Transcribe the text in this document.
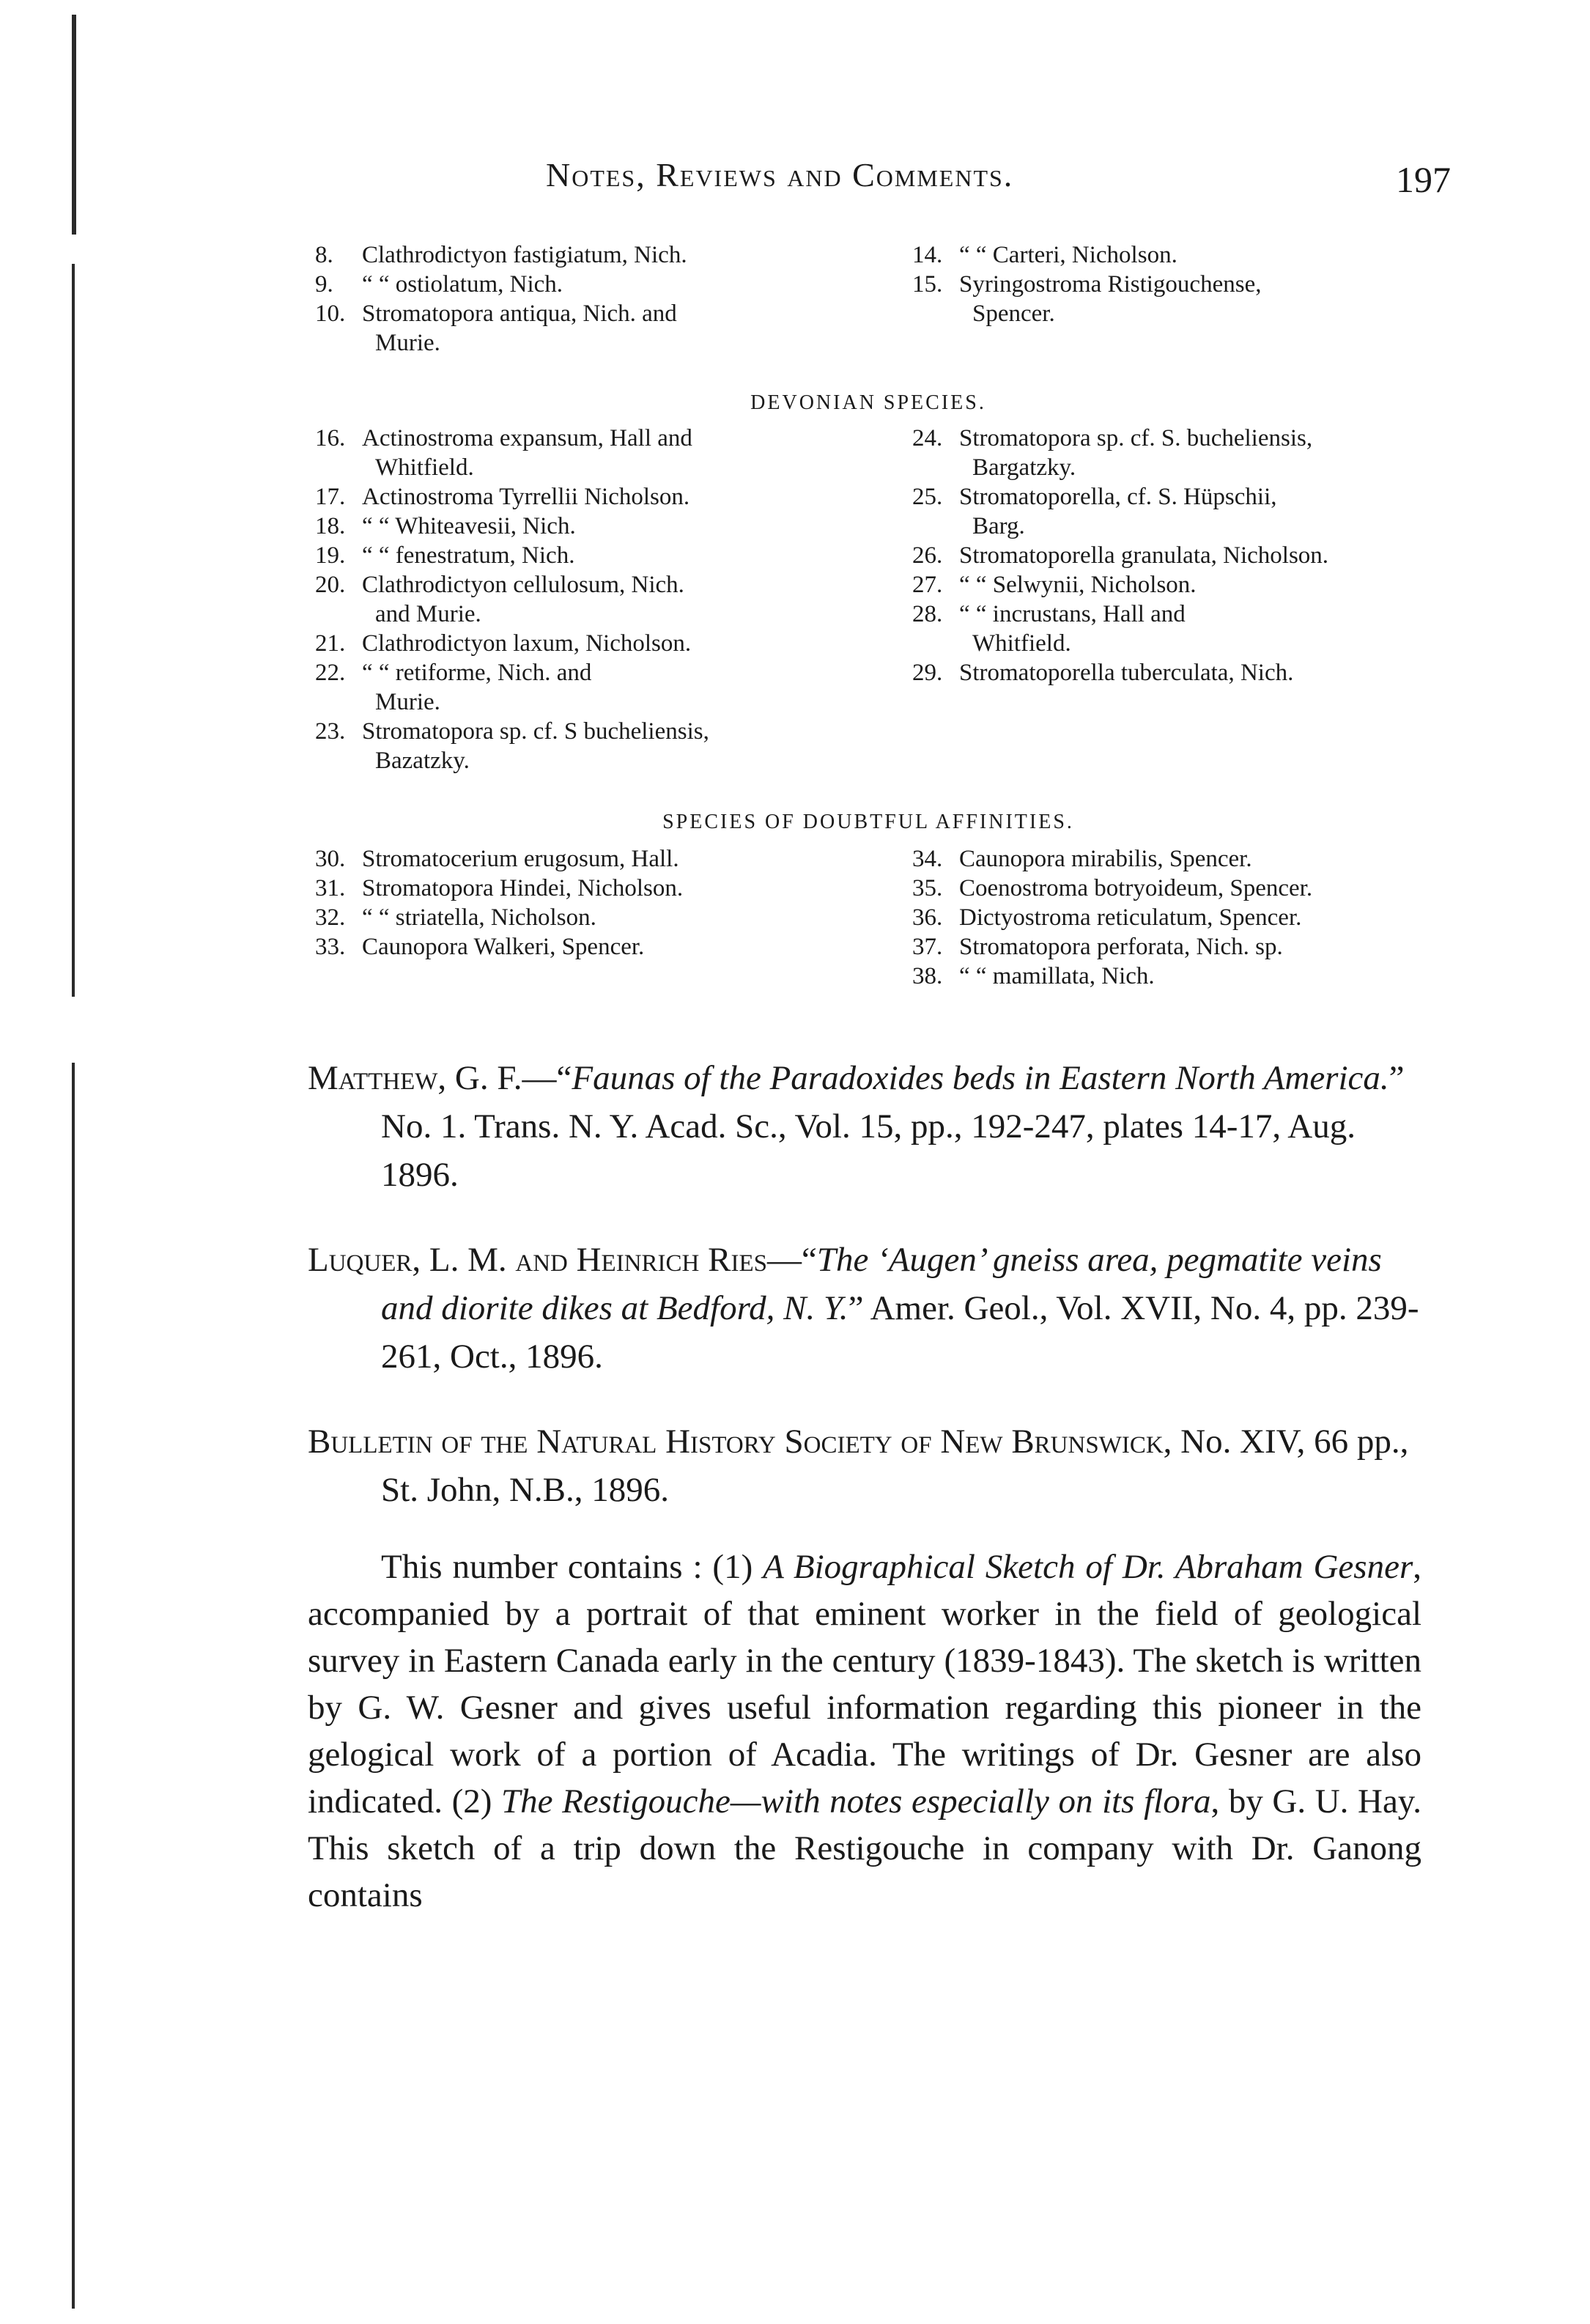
Notes, Reviews and Comments.	197
8. Clathrodictyon fastigiatum, Nich.
9. “ “ ostiolatum, Nich.
10. Stromatopora antiqua, Nich. and
Murie.
14. “ “ Carteri, Nicholson.
15. Syringostroma Ristigouchense,
Spencer.
DEVONIAN SPECIES.
16. Actinostroma expansum, Hall and
Whitfield.
17. Actinostroma Tyrrellii Nicholson.
18. “ “ Whiteavesii, Nich.
19. “ “ fenestratum, Nich.
20. Clathrodictyon cellulosum, Nich.
and Murie.
21. Clathrodictyon laxum, Nicholson.
22. “ “ retiforme, Nich. and
Murie.
23. Stromatopora sp. cf. S bucheliensis,
Bazatzky.
24. Stromatopora sp. cf. S. bucheliensis,
Bargatzky.
25. Stromatoporella, cf. S. Hüpschii,
Barg.
26. Stromatoporella granulata, Nicholson.
27. “ “ Selwynii, Nicholson.
28. “ “ incrustans, Hall and
Whitfield.
29. Stromatoporella tuberculata, Nich.
SPECIES OF DOUBTFUL AFFINITIES.
30. Stromatocerium erugosum, Hall.
31. Stromatopora Hindei, Nicholson.
32. “ “ striatella, Nicholson.
33. Caunopora Walkeri, Spencer.
34. Caunopora mirabilis, Spencer.
35. Coenostroma botryoideum, Spencer.
36. Dictyostroma reticulatum, Spencer.
37. Stromatopora perforata, Nich. sp.
38. “ “ mamillata, Nich.

Matthew, G. F.—“Faunas of the Paradoxides beds in Eastern North America.” No. 1. Trans. N. Y. Acad. Sc., Vol. 15, pp., 192-247, plates 14-17, Aug. 1896.

Luquer, L. M. and Heinrich Ries—“The ‘Augen’ gneiss area, pegmatite veins and diorite dikes at Bedford, N. Y.” Amer. Geol., Vol. XVII, No. 4, pp. 239-261, Oct., 1896.

Bulletin of the Natural History Society of New Brunswick, No. XIV, 66 pp., St. John, N.B., 1896.

This number contains : (1) A Biographical Sketch of Dr. Abraham Gesner, accompanied by a portrait of that eminent worker in the field of geological survey in Eastern Canada early in the century (1839-1843). The sketch is written by G. W. Gesner and gives useful information regarding this pioneer in the gelogical work of a portion of Acadia. The writings of Dr. Gesner are also indicated. (2) The Restigouche—with notes especially on its flora, by G. U. Hay. This sketch of a trip down the Restigouche in company with Dr. Ganong contains
